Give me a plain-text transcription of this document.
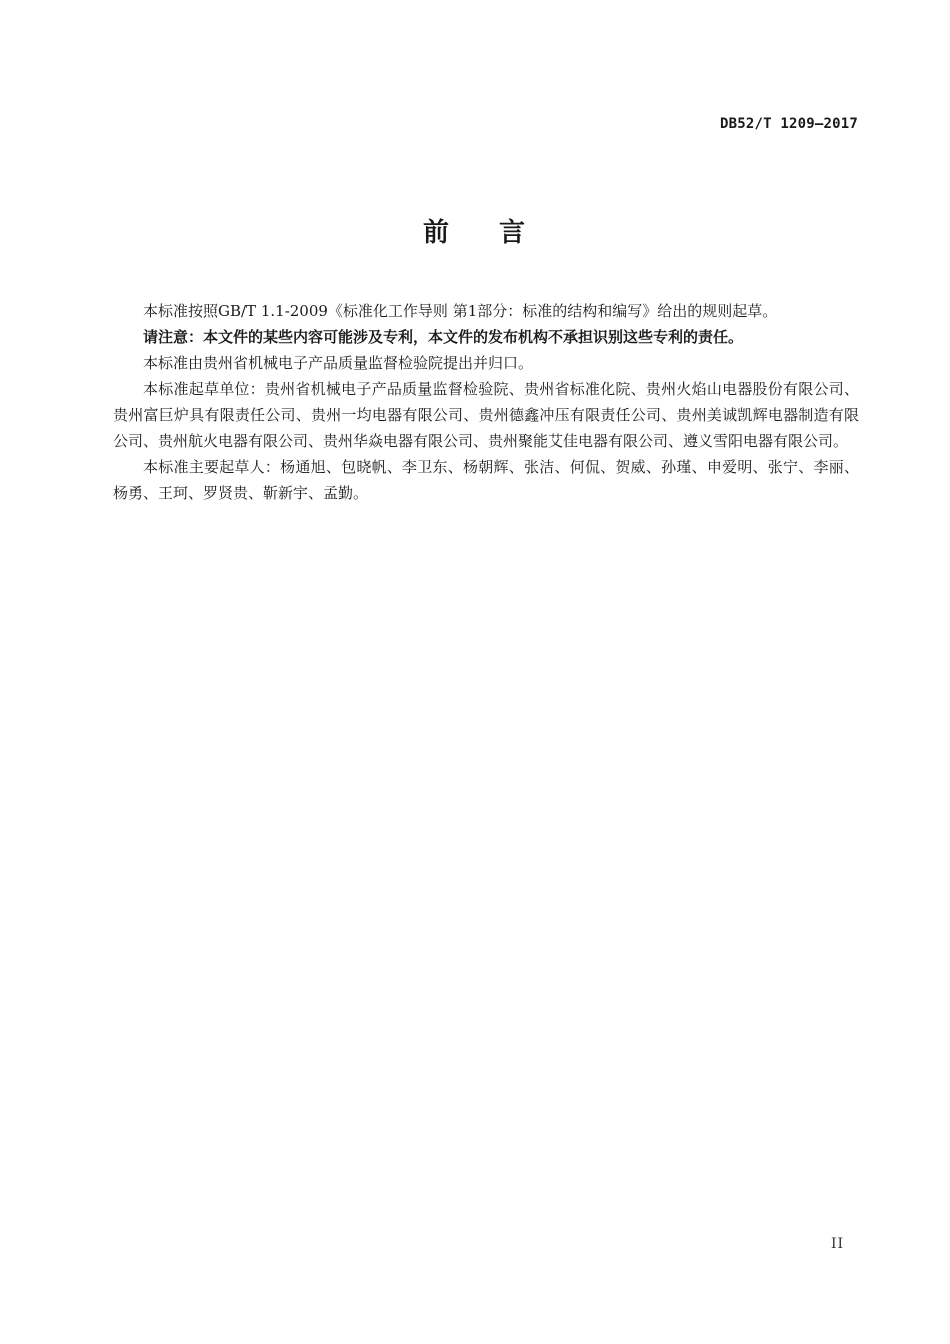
DB52/T 1209—2017
前 言

本标准按照GB/T 1.1-2009《标准化工作导则 第1部分：标准的结构和编写》给出的规则起草。

请注意：本文件的某些内容可能涉及专利，本文件的发布机构不承担识别这些专利的责任。

本标准由贵州省机械电子产品质量监督检验院提出并归口。

本标准起草单位：贵州省机械电子产品质量监督检验院、贵州省标准化院、贵州火焰山电器股份有限公司、贵州富巨炉具有限责任公司、贵州一均电器有限公司、贵州德鑫冲压有限责任公司、贵州美诚凯辉电器制造有限公司、贵州航火电器有限公司、贵州华焱电器有限公司、贵州聚能艾佳电器有限公司、遵义雪阳电器有限公司。

本标准主要起草人：杨通旭、包晓帆、李卫东、杨朝辉、张洁、何侃、贺威、孙瑾、申爱明、张宁、李丽、杨勇、王珂、罗贤贵、靳新宇、孟勤。

II
